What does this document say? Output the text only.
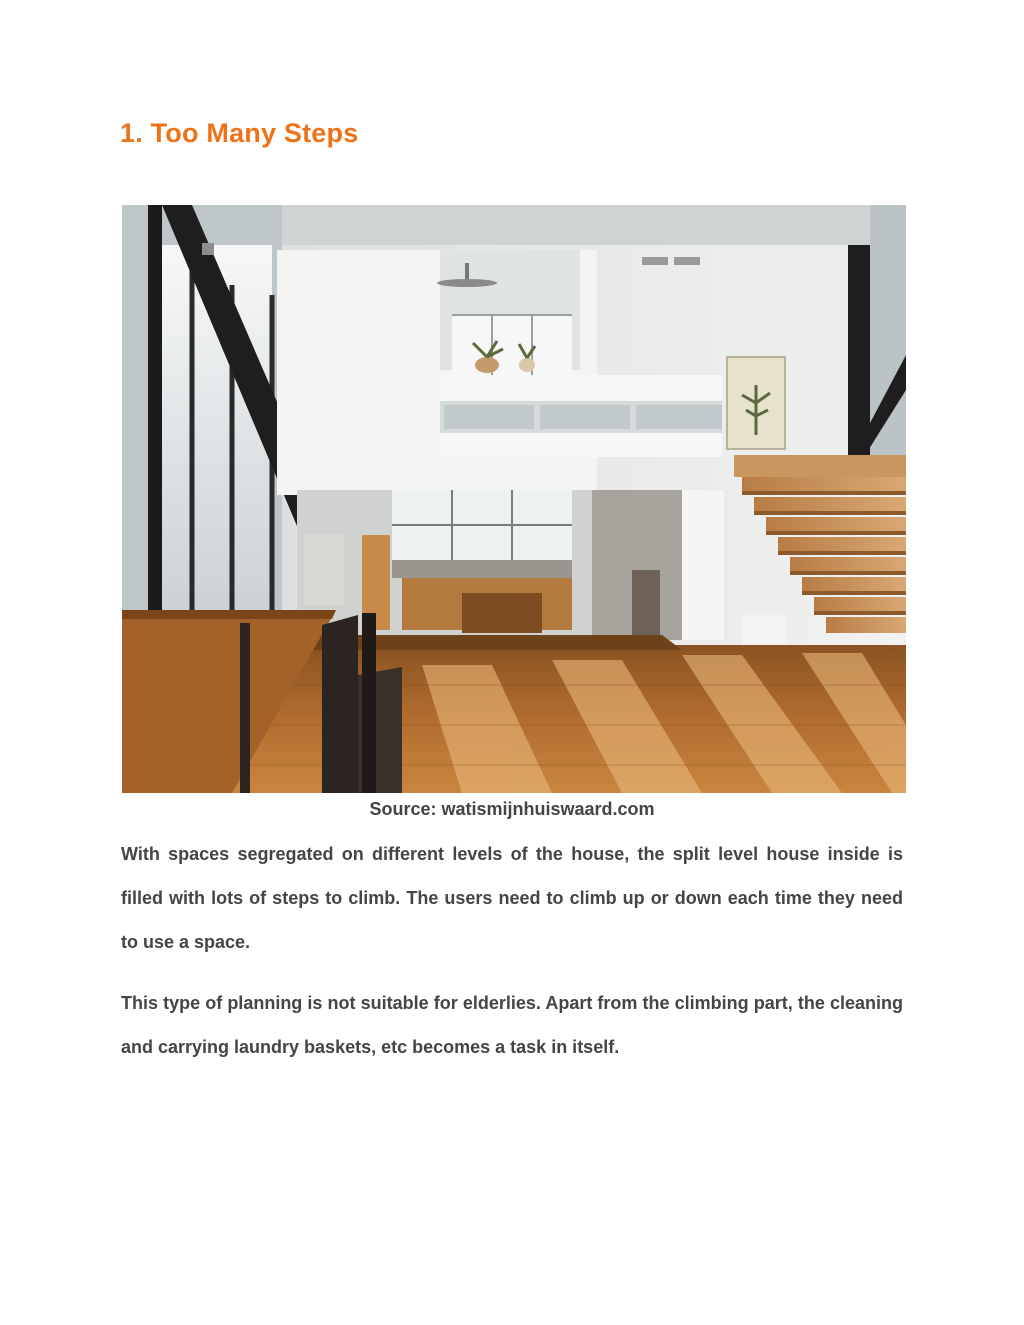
1. Too Many Steps

Source: watismijnhuiswaard.com

With spaces segregated on different levels of the house, the split level house inside is filled with lots of steps to climb. The users need to climb up or down each time they need to use a space.

This type of planning is not suitable for elderlies. Apart from the climbing part, the cleaning and carrying laundry baskets, etc becomes a task in itself.
